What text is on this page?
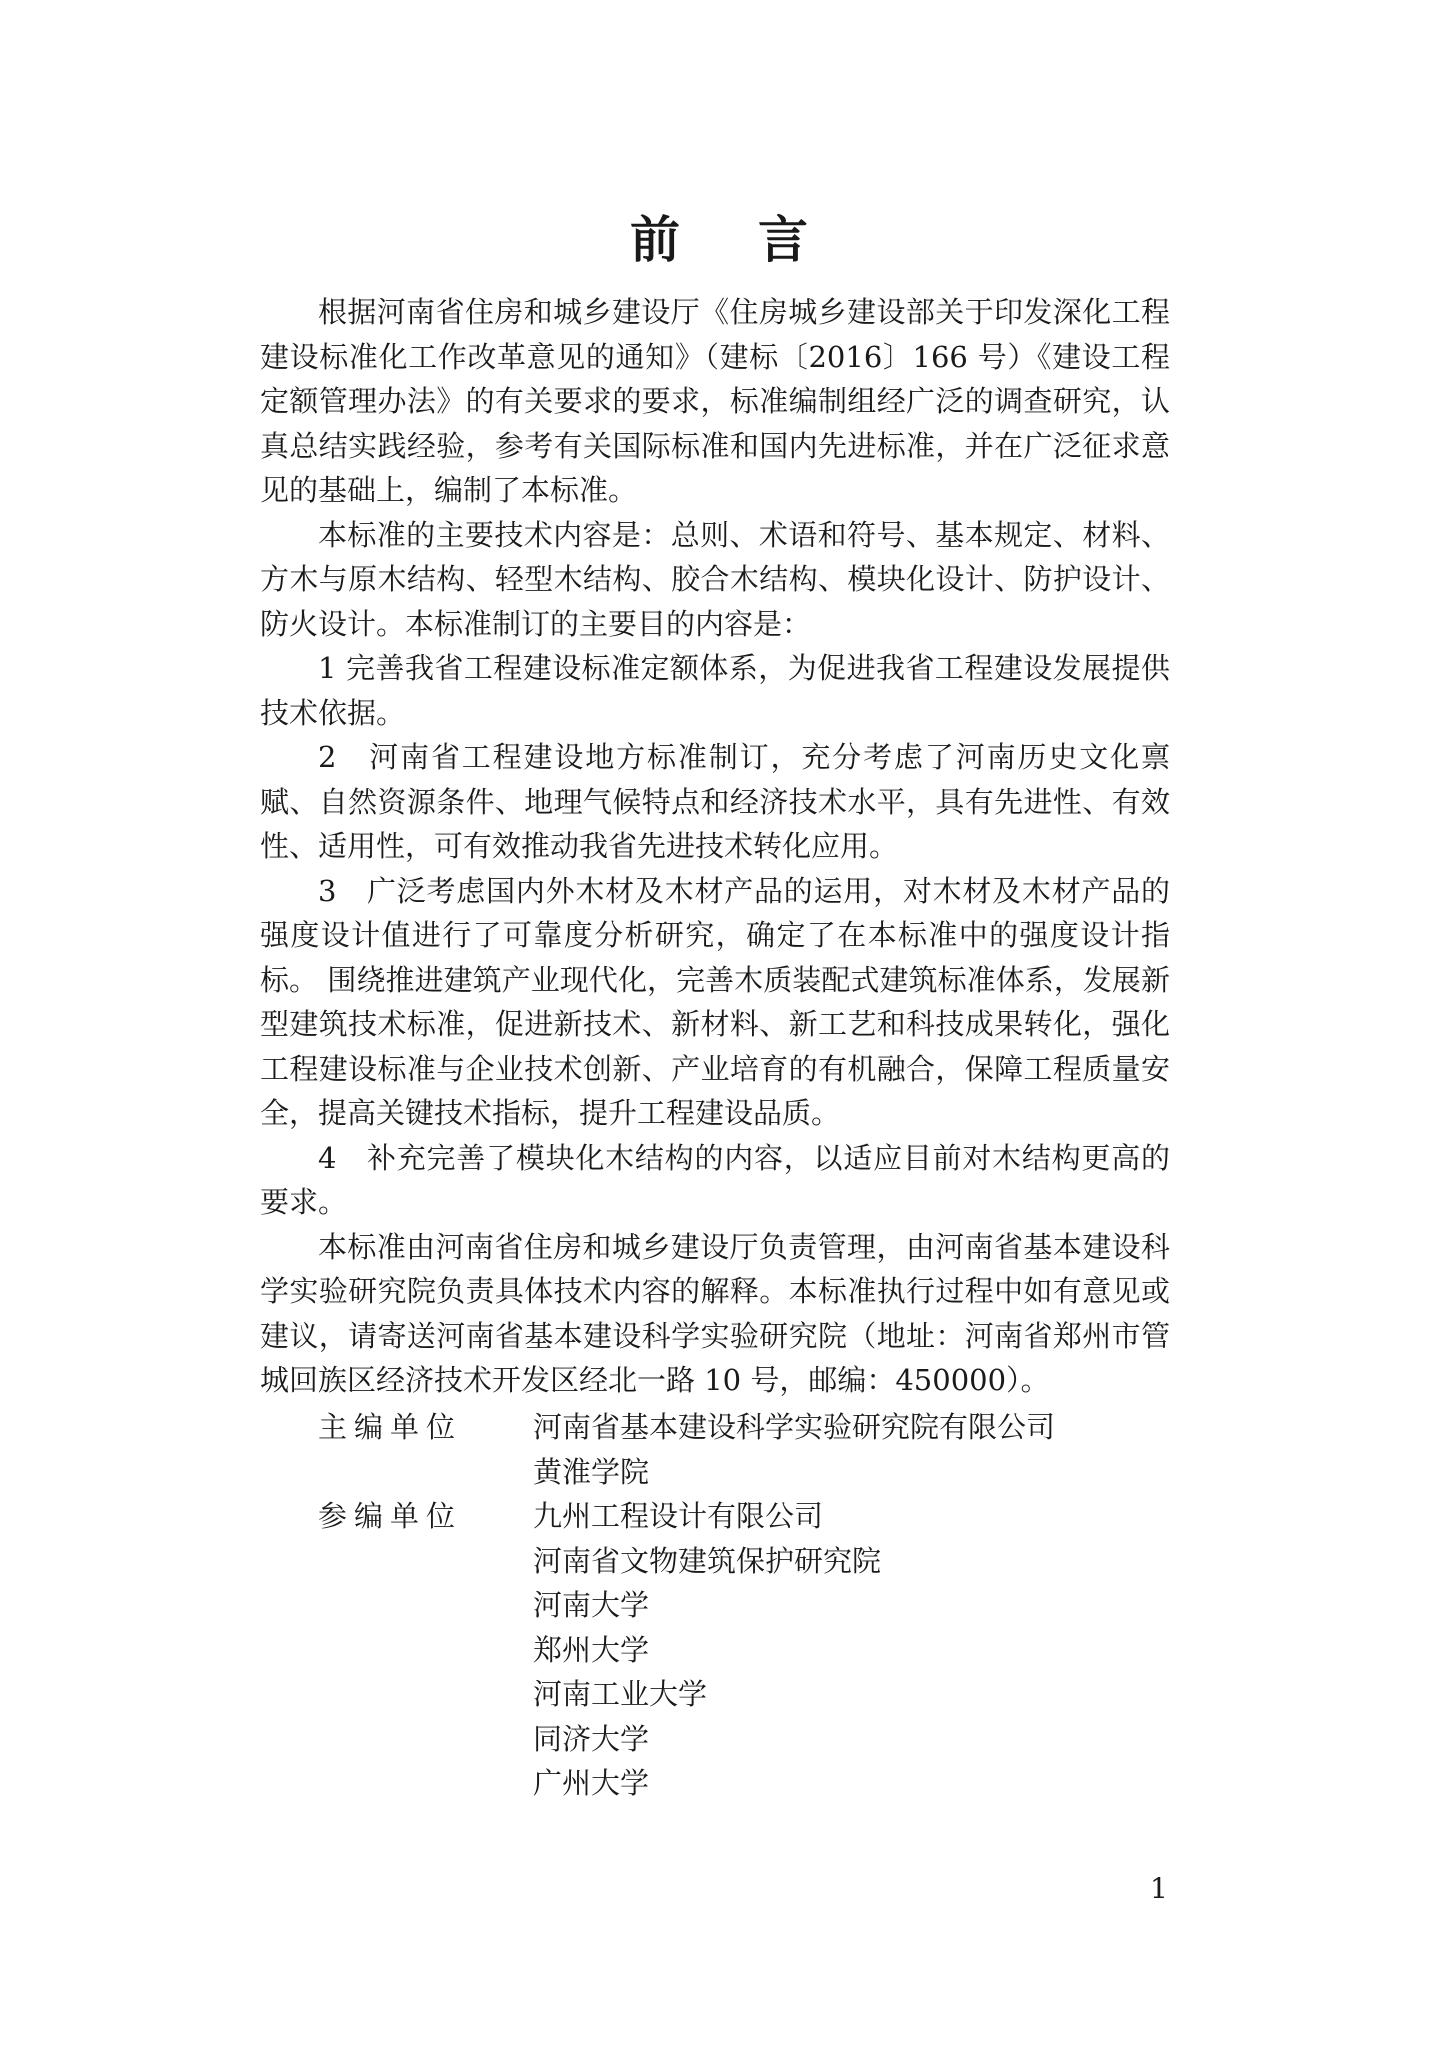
前 言

根据河南省住房和城乡建设厅《住房城乡建设部关于印发深化工程建设标准化工作改革意见的通知》（建标〔2016〕166 号）《建设工程定额管理办法》的有关要求的要求，标准编制组经广泛的调查研究，认真总结实践经验，参考有关国际标准和国内先进标准，并在广泛征求意见的基础上，编制了本标准。

本标准的主要技术内容是：总则、术语和符号、基本规定、材料、方木与原木结构、轻型木结构、胶合木结构、模块化设计、防护设计、防火设计。本标准制订的主要目的内容是：

1 完善我省工程建设标准定额体系，为促进我省工程建设发展提供技术依据。

2　河南省工程建设地方标准制订，充分考虑了河南历史文化禀赋、自然资源条件、地理气候特点和经济技术水平，具有先进性、有效性、适用性，可有效推动我省先进技术转化应用。

3　广泛考虑国内外木材及木材产品的运用，对木材及木材产品的强度设计值进行了可靠度分析研究，确定了在本标准中的强度设计指标。 围绕推进建筑产业现代化，完善木质装配式建筑标准体系，发展新型建筑技术标准，促进新技术、新材料、新工艺和科技成果转化，强化工程建设标准与企业技术创新、产业培育的有机融合，保障工程质量安全，提高关键技术指标，提升工程建设品质。

4　补充完善了模块化木结构的内容，以适应目前对木结构更高的要求。

本标准由河南省住房和城乡建设厅负责管理，由河南省基本建设科学实验研究院负责具体技术内容的解释。本标准执行过程中如有意见或建议，请寄送河南省基本建设科学实验研究院（地址：河南省郑州市管城回族区经济技术开发区经北一路 10 号，邮编：450000）。

主编单位	河南省基本建设科学实验研究院有限公司
黄淮学院
参编单位	九州工程设计有限公司
河南省文物建筑保护研究院
河南大学
郑州大学
河南工业大学
同济大学
广州大学
1
